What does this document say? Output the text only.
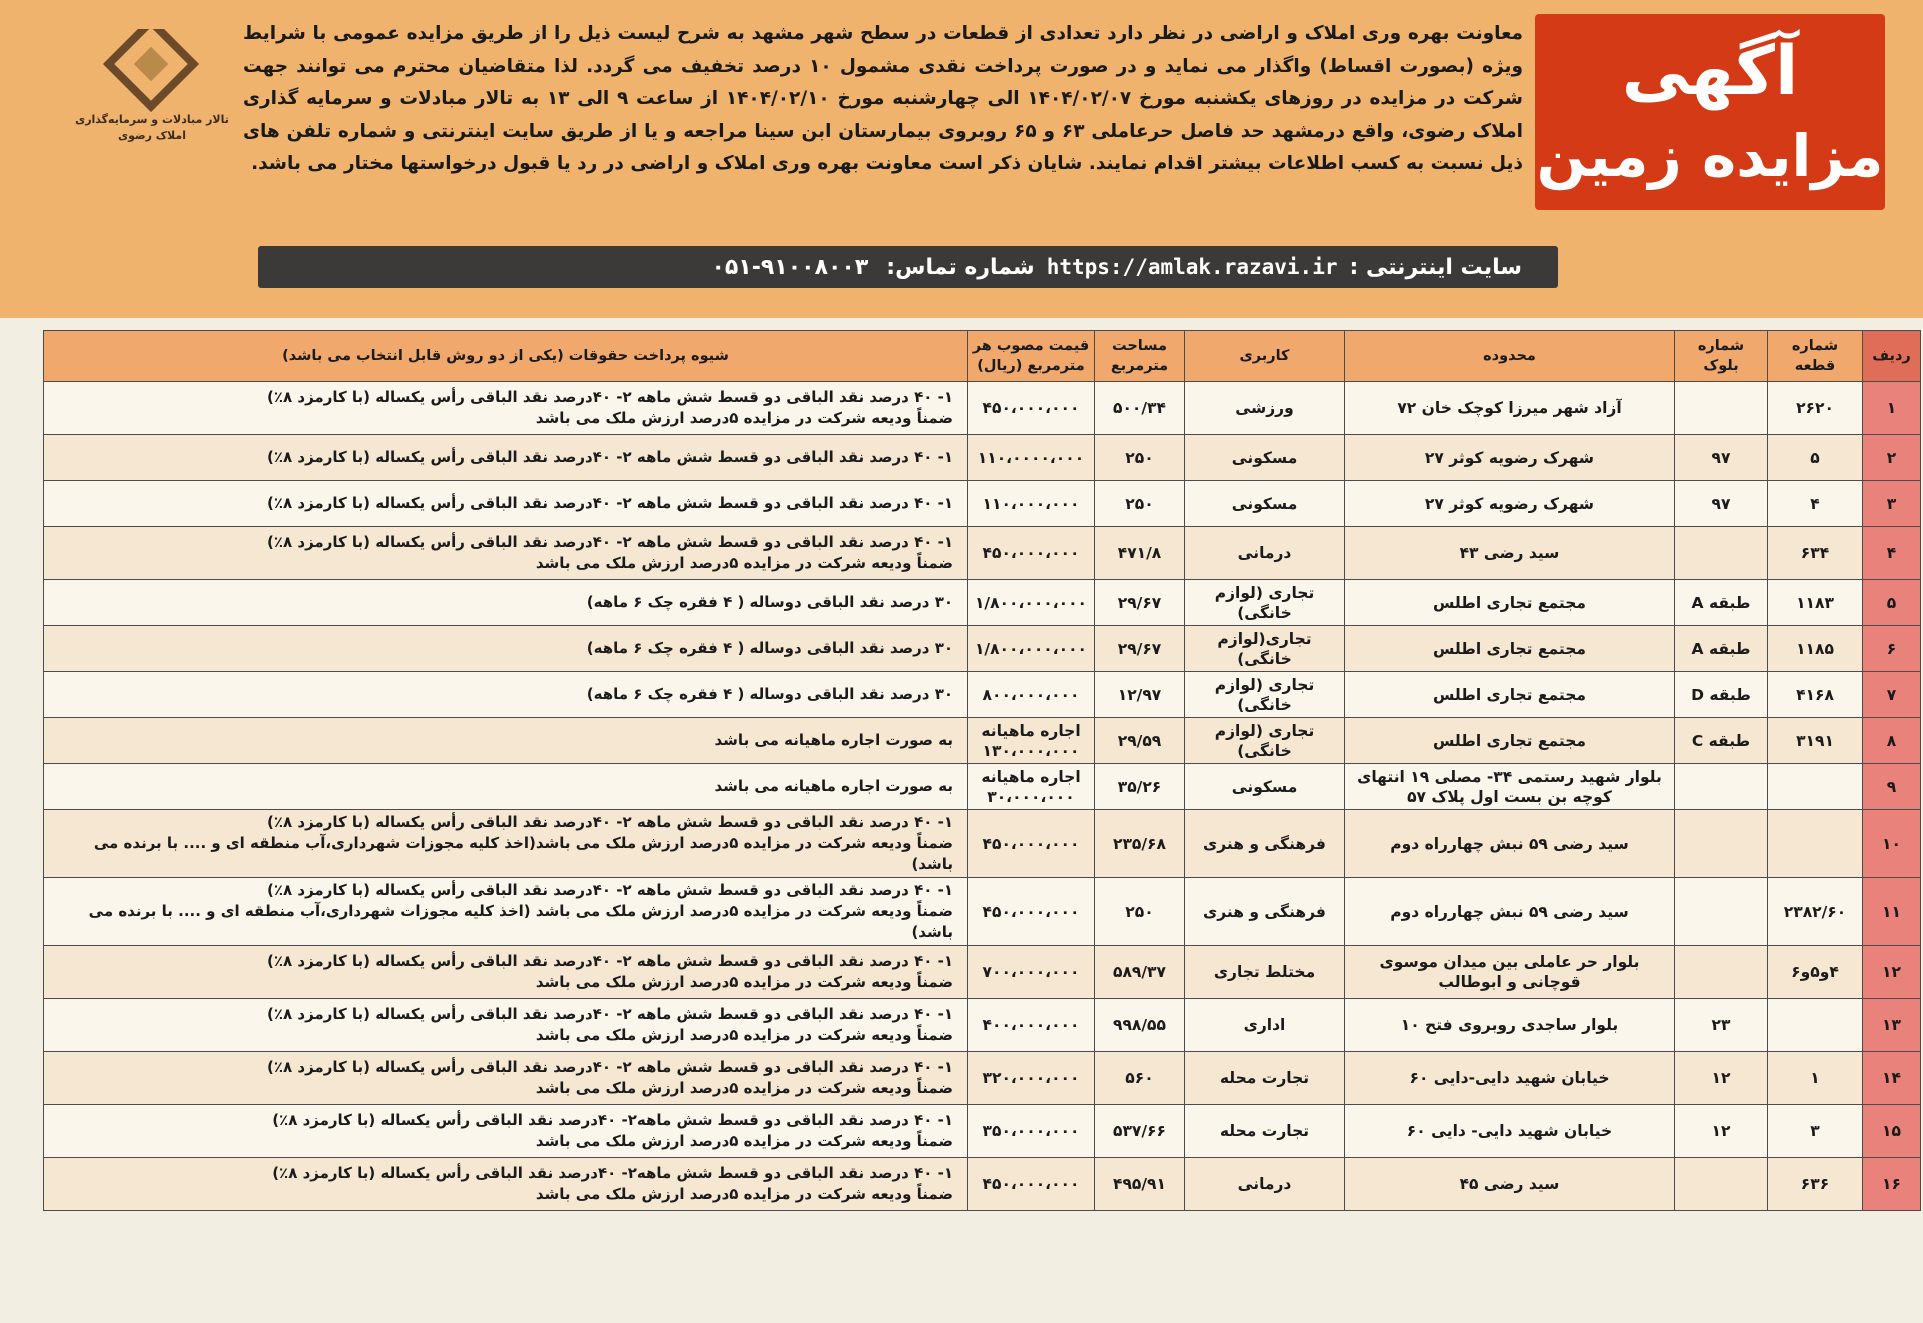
آگهی
مزایده زمین
معاونت بهره وری املاک و اراضی در نظر دارد تعدادی از قطعات در سطح شهر مشهد به شرح لیست ذیل را از طریق مزایده عمومی با شرایط ویژه (بصورت اقساط) واگذار می نماید و در صورت پرداخت نقدی مشمول ۱۰ درصد تخفیف می گردد. لذا متقاضیان محترم می توانند جهت شرکت در مزایده در روزهای یکشنبه مورخ ۱۴۰۴/۰۲/۰۷ الی چهارشنبه مورخ ۱۴۰۴/۰۲/۱۰ از ساعت ۹ الی ۱۳ به تالار مبادلات و سرمایه گذاری املاک رضوی، واقع درمشهد حد فاصل حرعاملی ۶۳ و ۶۵ روبروی بیمارستان ابن سینا مراجعه و یا از طریق سایت اینترنتی و شماره تلفن های ذیل نسبت به کسب اطلاعات بیشتر اقدام نمایند. شایان ذکر است معاونت بهره وری املاک و اراضی در رد یا قبول درخواستها مختار می باشد.
تالار مبادلات و سرمایه‌گذاری املاک رضوی
سایت اینترنتی :
https://amlak.razavi.ir
شماره تماس:
۰۵۱-۹۱۰۰۸۰۰۳
ردیف	شماره قطعه	شماره بلوک	محدوده	کاربری	مساحت مترمربع	قیمت مصوب هر مترمربع (ریال)	شیوه پرداخت حقوقات (یکی از دو روش قابل انتخاب می باشد)
۱	۲۶۲۰		آزاد شهر میرزا کوچک خان ۷۲	ورزشی	۵۰۰/۳۴	۴۵۰،۰۰۰،۰۰۰	۱- ۴۰ درصد نقد الباقی دو قسط شش ماهه ۲- ۴۰درصد نقد الباقی رأس یکساله (با کارمزد ۸٪)
ضمناً ودیعه شرکت در مزایده ۵درصد ارزش ملک می باشد

۲	۵	۹۷	شهرک رضویه کوثر ۲۷	مسکونی	۲۵۰	۱۱۰،۰۰۰۰،۰۰۰	۱- ۴۰ درصد نقد الباقی دو قسط شش ماهه ۲- ۴۰درصد نقد الباقی رأس یکساله (با کارمزد ۸٪)

۳	۴	۹۷	شهرک رضویه کوثر ۲۷	مسکونی	۲۵۰	۱۱۰،۰۰۰،۰۰۰	۱- ۴۰ درصد نقد الباقی دو قسط شش ماهه ۲- ۴۰درصد نقد الباقی رأس یکساله (با کارمزد ۸٪)

۴	۶۳۴		سید رضی ۴۳	درمانی	۴۷۱/۸	۴۵۰،۰۰۰،۰۰۰	۱- ۴۰ درصد نقد الباقی دو قسط شش ماهه ۲- ۴۰درصد نقد الباقی رأس یکساله (با کارمزد ۸٪)
ضمناً ودیعه شرکت در مزایده ۵درصد ارزش ملک می باشد

۵	۱۱۸۳	طبقه A	مجتمع تجاری اطلس	تجاری (لوازم خانگی)	۲۹/۶۷	۱/۸۰۰،۰۰۰،۰۰۰	۳۰ درصد نقد الباقی دوساله ( ۴ فقره چک ۶ ماهه)

۶	۱۱۸۵	طبقه A	مجتمع تجاری اطلس	تجاری(لوازم خانگی)	۲۹/۶۷	۱/۸۰۰،۰۰۰،۰۰۰	۳۰ درصد نقد الباقی دوساله ( ۴ فقره چک ۶ ماهه)

۷	۴۱۶۸	طبقه D	مجتمع تجاری اطلس	تجاری (لوازم خانگی)	۱۲/۹۷	۸۰۰،۰۰۰،۰۰۰	۳۰ درصد نقد الباقی دوساله ( ۴ فقره چک ۶ ماهه)

۸	۳۱۹۱	طبقه C	مجتمع تجاری اطلس	تجاری (لوازم خانگی)	۲۹/۵۹	اجاره ماهیانه ۱۳۰،۰۰۰،۰۰۰	به صورت اجاره ماهیانه می باشد

۹			بلوار شهید رستمی ۳۴- مصلی ۱۹ انتهای کوچه بن بست اول پلاک ۵۷	مسکونی	۳۵/۲۶	اجاره ماهیانه ۳۰،۰۰۰،۰۰۰	به صورت اجاره ماهیانه می باشد

۱۰			سید رضی ۵۹ نبش چهارراه دوم	فرهنگی و هنری	۲۳۵/۶۸	۴۵۰،۰۰۰،۰۰۰	۱- ۴۰ درصد نقد الباقی دو قسط شش ماهه ۲- ۴۰درصد نقد الباقی رأس یکساله (با کارمزد ۸٪)
ضمناً ودیعه شرکت در مزایده ۵درصد ارزش ملک می باشد(اخذ کلیه مجوزات شهرداری،آب منطقه ای و .... با برنده می باشد)

۱۱	۲۳۸۲/۶۰		سید رضی ۵۹ نبش چهارراه دوم	فرهنگی و هنری	۲۵۰	۴۵۰،۰۰۰،۰۰۰	۱- ۴۰ درصد نقد الباقی دو قسط شش ماهه ۲- ۴۰درصد نقد الباقی رأس یکساله (با کارمزد ۸٪)
ضمناً ودیعه شرکت در مزایده ۵درصد ارزش ملک می باشد (اخذ کلیه مجوزات شهرداری،آب منطقه ای و .... با برنده می باشد)

۱۲	۴و۵و۶		بلوار حر عاملی بین میدان موسوی قوچانی و ابوطالب	مختلط تجاری	۵۸۹/۳۷	۷۰۰،۰۰۰،۰۰۰	۱- ۴۰ درصد نقد الباقی دو قسط شش ماهه ۲- ۴۰درصد نقد الباقی رأس یکساله (با کارمزد ۸٪)
ضمناً ودیعه شرکت در مزایده ۵درصد ارزش ملک می باشد

۱۳		۲۳	بلوار ساجدی روبروی فتح ۱۰	اداری	۹۹۸/۵۵	۴۰۰،۰۰۰،۰۰۰	۱- ۴۰ درصد نقد الباقی دو قسط شش ماهه ۲- ۴۰درصد نقد الباقی رأس یکساله (با کارمزد ۸٪)
ضمناً ودیعه شرکت در مزایده ۵درصد ارزش ملک می باشد

۱۴	۱	۱۲	خیابان شهید دایی-دایی ۶۰	تجارت محله	۵۶۰	۳۲۰،۰۰۰،۰۰۰	۱- ۴۰ درصد نقد الباقی دو قسط شش ماهه ۲- ۴۰درصد نقد الباقی رأس یکساله (با کارمزد ۸٪)
ضمناً ودیعه شرکت در مزایده ۵درصد ارزش ملک می باشد

۱۵	۳	۱۲	خیابان شهید دایی- دایی ۶۰	تجارت محله	۵۳۷/۶۶	۳۵۰،۰۰۰،۰۰۰	۱- ۴۰ درصد نقد الباقی دو قسط شش ماهه۲- ۴۰درصد نقد الباقی رأس یکساله (با کارمزد ۸٪)
ضمناً ودیعه شرکت در مزایده ۵درصد ارزش ملک می باشد

۱۶	۶۳۶		سید رضی ۴۵	درمانی	۴۹۵/۹۱	۴۵۰،۰۰۰،۰۰۰	۱- ۴۰ درصد نقد الباقی دو قسط شش ماهه۲- ۴۰درصد نقد الباقی رأس یکساله (با کارمزد ۸٪)
ضمناً ودیعه شرکت در مزایده ۵درصد ارزش ملک می باشد
